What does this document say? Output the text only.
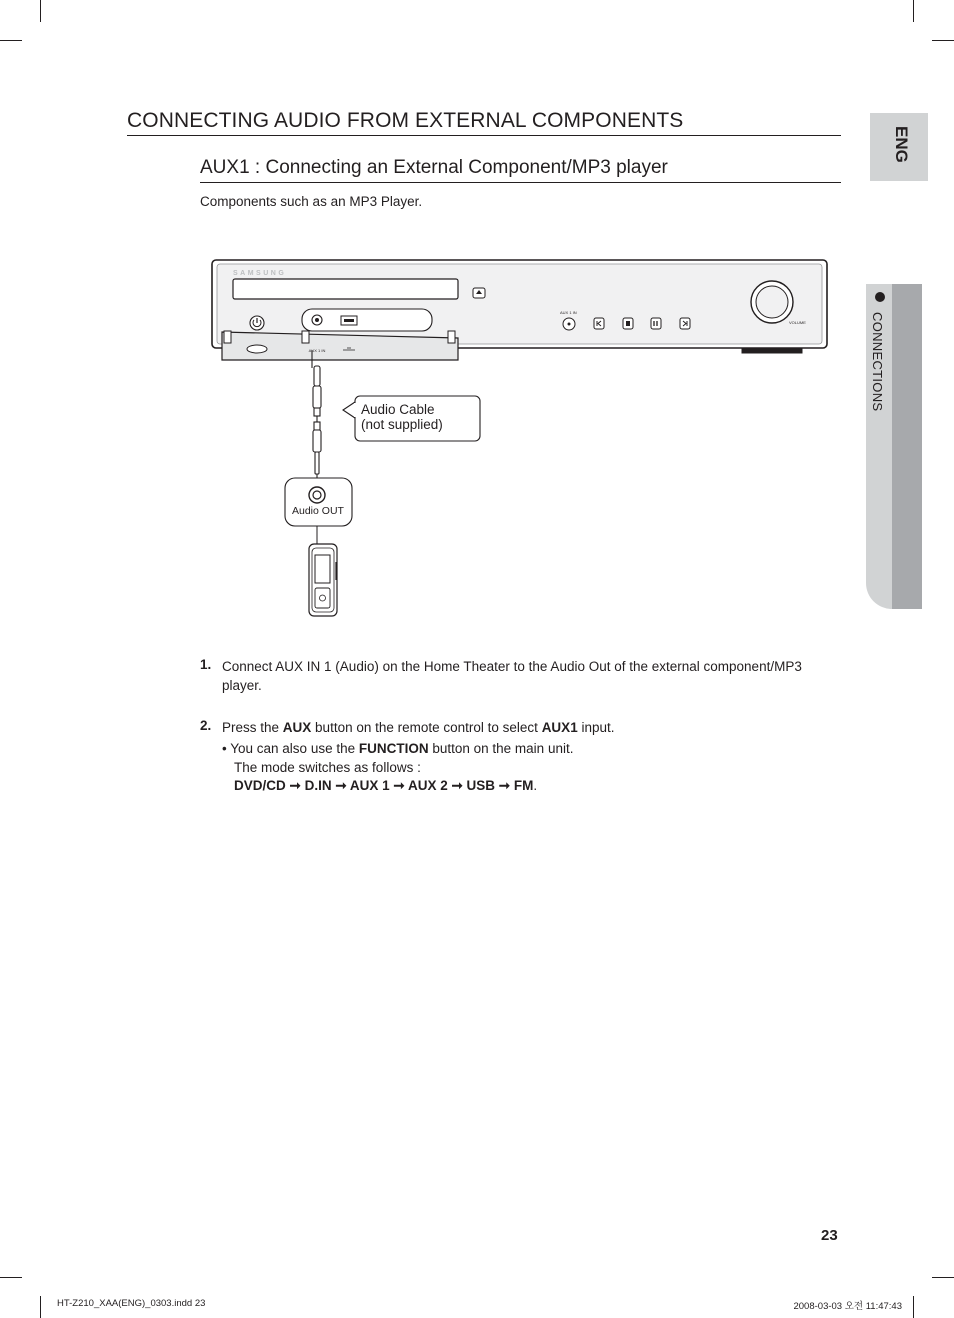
ENG
CONNECTIONS
CONNECTING AUDIO FROM EXTERNAL COMPONENTS
AUX1 : Connecting an External Component/MP3 player
Components such as an MP3 Player.
AUX 1 IN
SAMSUNG
AUX 1 IN
VOLUME
Audio Cable
(not supplied)
Audio OUT
1. Connect AUX IN 1 (Audio) on the Home Theater to the Audio Out of the external component/MP3
player.
2. Press the AUX button on the remote control to select AUX1 input.
• You can also use the FUNCTION button on the main unit.
The mode switches as follows :
DVD/CD ➞ D.IN ➞ AUX 1 ➞ AUX 2 ➞ USB ➞ FM.
23
HT-Z210_XAA(ENG)_0303.indd 23	2008-03-03 오전 11:47:43
